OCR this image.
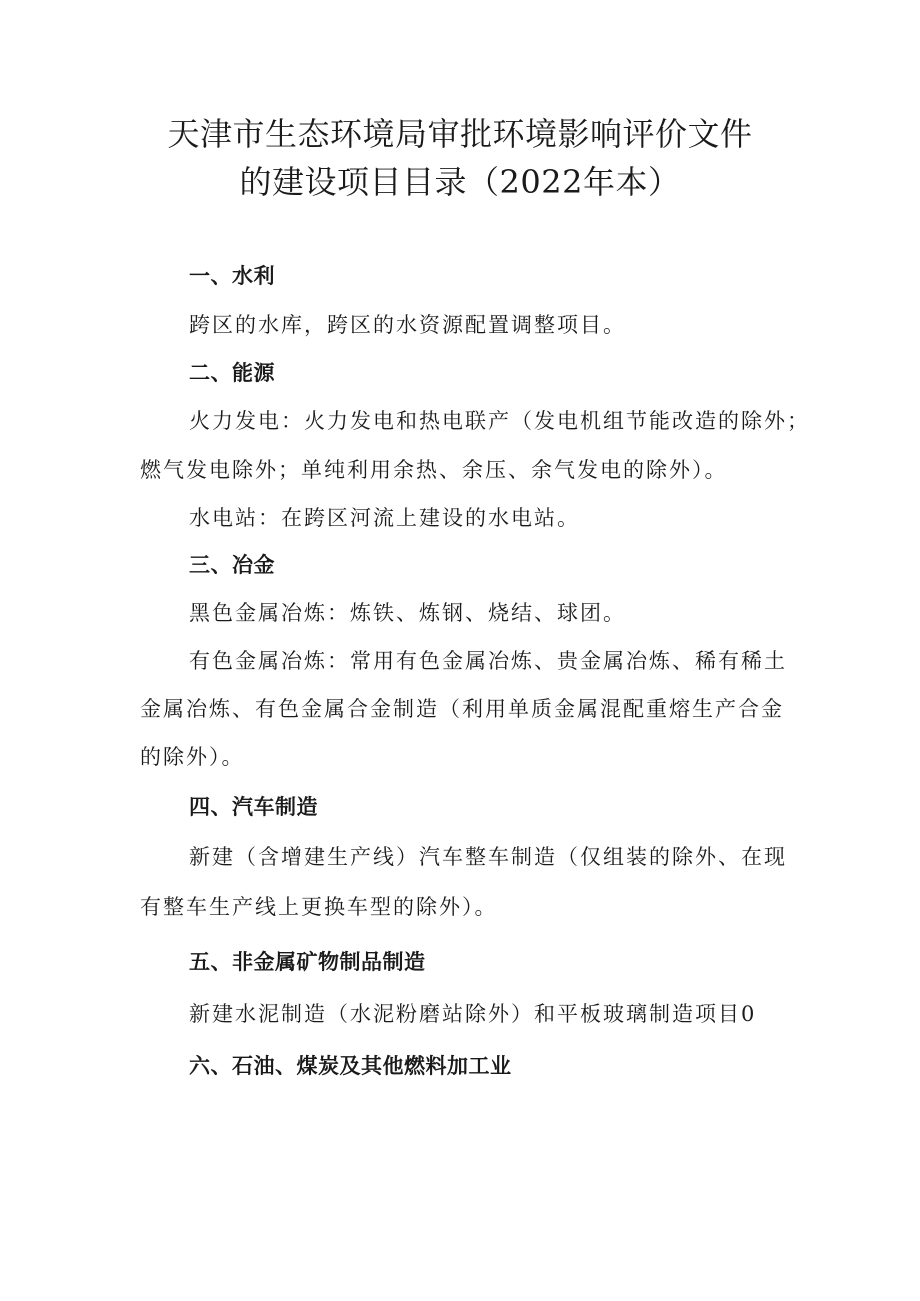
天津市生态环境局审批环境影响评价文件
的建设项目目录（2022年本）
一、水利
跨区的水库，跨区的水资源配置调整项目。
二、能源
火力发电：火力发电和热电联产（发电机组节能改造的除外；
燃气发电除外；单纯利用余热、余压、余气发电的除外）。
水电站：在跨区河流上建设的水电站。
三、冶金
黑色金属冶炼：炼铁、炼钢、烧结、球团。
有色金属冶炼：常用有色金属冶炼、贵金属冶炼、稀有稀土
金属冶炼、有色金属合金制造（利用单质金属混配重熔生产合金
的除外）。
四、汽车制造
新建（含增建生产线）汽车整车制造（仅组装的除外、在现
有整车生产线上更换车型的除外）。
五、非金属矿物制品制造
新建水泥制造（水泥粉磨站除外）和平板玻璃制造项目0
六、石油、煤炭及其他燃料加工业
